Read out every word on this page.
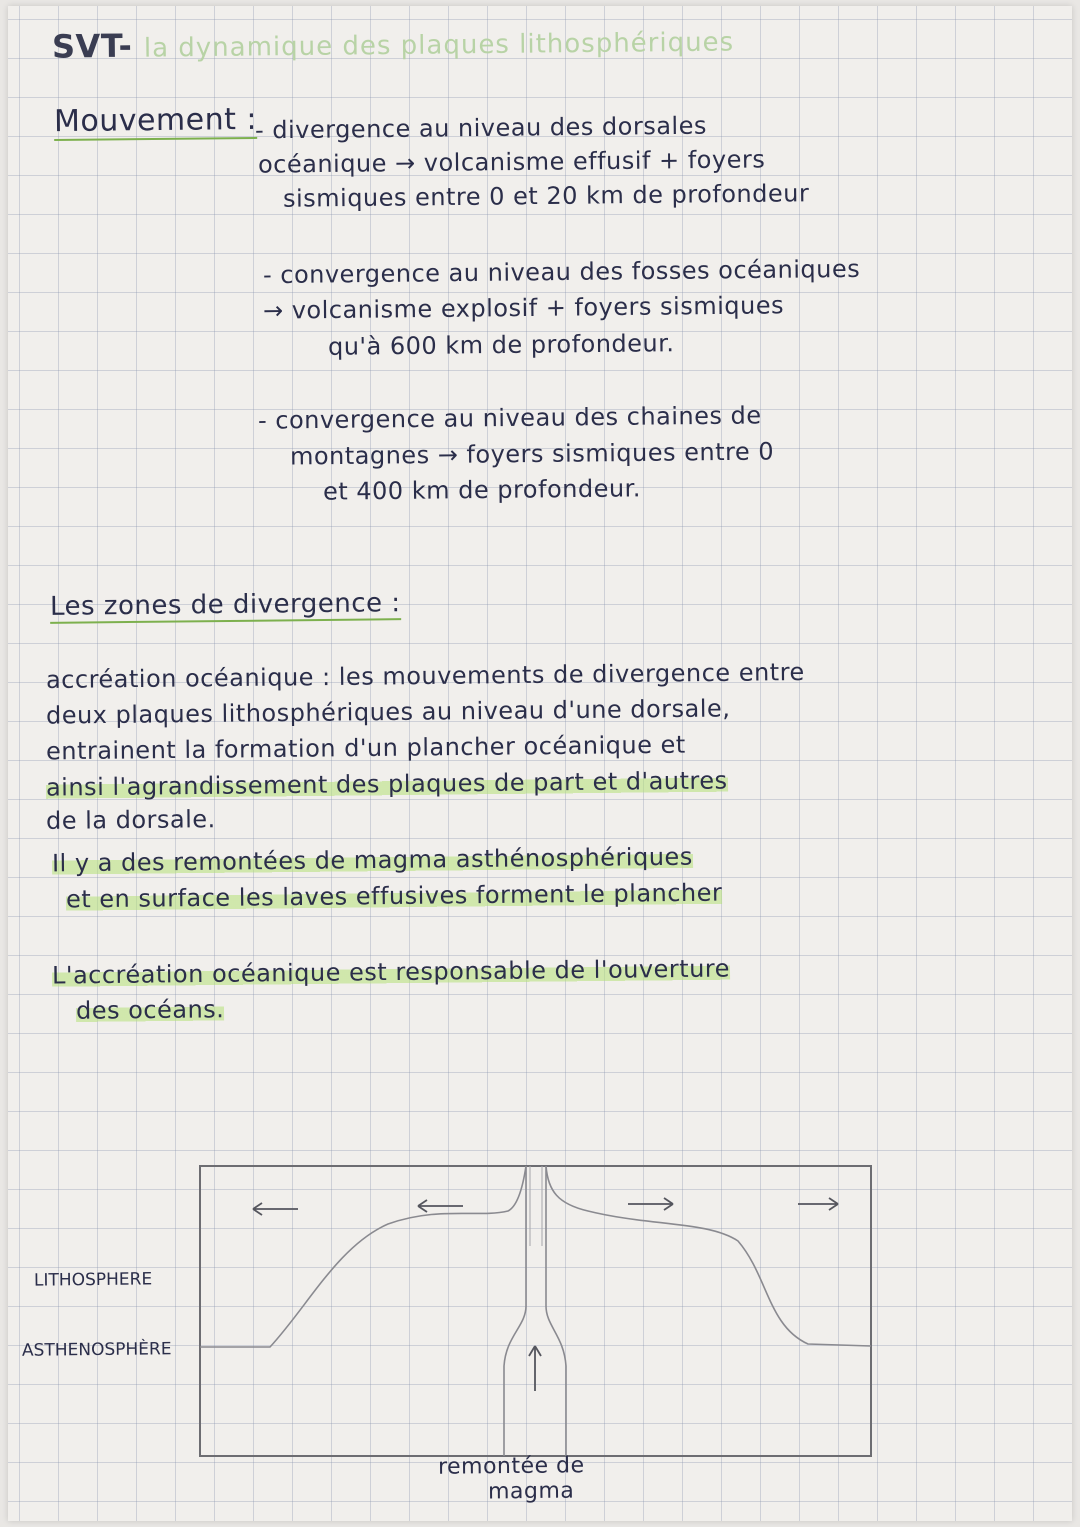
SVT- la dynamique des plaques lithosphériques
Mouvement :
- divergence au niveau des dorsales
océanique → volcanisme effusif + foyers
sismiques entre 0 et 20 km de profondeur
- convergence au niveau des fosses océaniques
→ volcanisme explosif + foyers sismiques
qu'à 600 km de profondeur.
- convergence au niveau des chaines de
montagnes → foyers sismiques entre 0
et 400 km de profondeur.
Les zones de divergence :
accréation océanique : les mouvements de divergence entre
deux plaques lithosphériques au niveau d'une dorsale,
entrainent la formation d'un plancher océanique et
ainsi l'agrandissement des plaques de part et d'autres
de la dorsale.
Il y a des remontées de magma asthénosphériques
et en surface les laves effusives forment le plancher
L'accréation océanique est responsable de l'ouverture
des océans.
LITHOSPHERE
ASTHENOSPHÈRE
remontée de
magma
